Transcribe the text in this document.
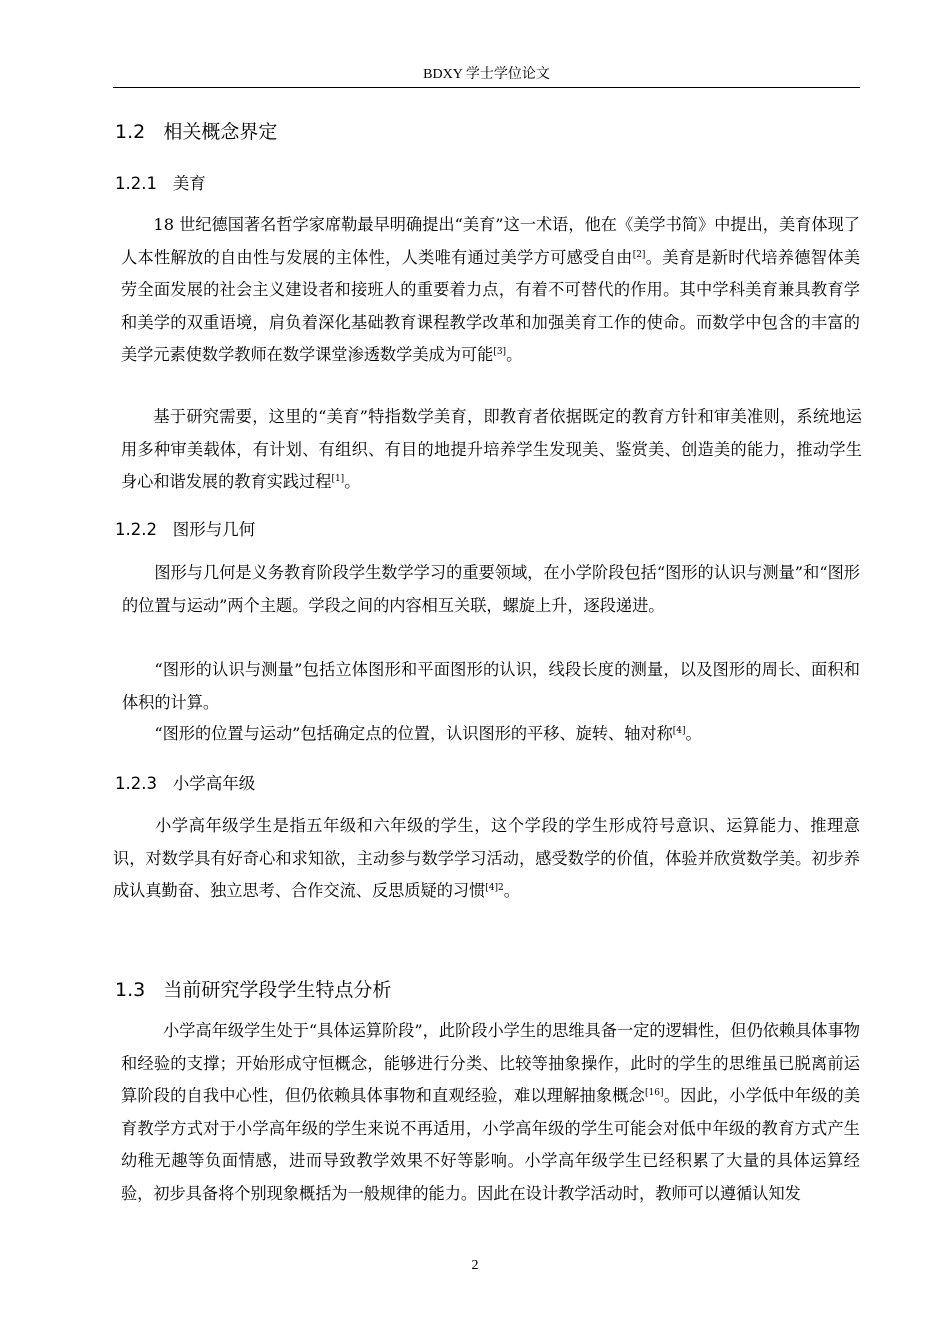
BDXY 学士学位论文
1.2 相关概念界定
1.2.1 美育

18 世纪德国著名哲学家席勒最早明确提出“美育”这一术语，他在《美学书简》中提出，美育体现了人本性解放的自由性与发展的主体性，人类唯有通过美学方可感受自由[2]。美育是新时代培养德智体美劳全面发展的社会主义建设者和接班人的重要着力点，有着不可替代的作用。其中学科美育兼具教育学和美学的双重语境，肩负着深化基础教育课程教学改革和加强美育工作的使命。而数学中包含的丰富的美学元素使数学教师在数学课堂渗透数学美成为可能[3]。

基于研究需要，这里的“美育”特指数学美育，即教育者依据既定的教育方针和审美准则，系统地运用多种审美载体，有计划、有组织、有目的地提升培养学生发现美、鉴赏美、创造美的能力，推动学生身心和谐发展的教育实践过程[1]。

1.2.2 图形与几何

图形与几何是义务教育阶段学生数学学习的重要领域，在小学阶段包括“图形的认识与测量”和“图形的位置与运动”两个主题。学段之间的内容相互关联，螺旋上升，逐段递进。

“图形的认识与测量”包括立体图形和平面图形的认识，线段长度的测量，以及图形的周长、面积和体积的计算。

“图形的位置与运动”包括确定点的位置，认识图形的平移、旋转、轴对称[4]。

1.2.3 小学高年级

小学高年级学生是指五年级和六年级的学生，这个学段的学生形成符号意识、运算能力、推理意识，对数学具有好奇心和求知欲，主动参与数学学习活动，感受数学的价值，体验并欣赏数学美。初步养成认真勤奋、独立思考、合作交流、反思质疑的习惯$^{[4]2}$。

1.3 当前研究学段学生特点分析

小学高年级学生处于“具体运算阶段”，此阶段小学生的思维具备一定的逻辑性，但仍依赖具体事物和经验的支撑；开始形成守恒概念，能够进行分类、比较等抽象操作，此时的学生的思维虽已脱离前运算阶段的自我中心性，但仍依赖具体事物和直观经验，难以理解抽象概念[16]。因此，小学低中年级的美育教学方式对于小学高年级的学生来说不再适用，小学高年级的学生可能会对低中年级的教育方式产生幼稚无趣等负面情感，进而导致教学效果不好等影响。小学高年级学生已经积累了大量的具体运算经验，初步具备将个别现象概括为一般规律的能力。因此在设计教学活动时，教师可以遵循认知发

2
